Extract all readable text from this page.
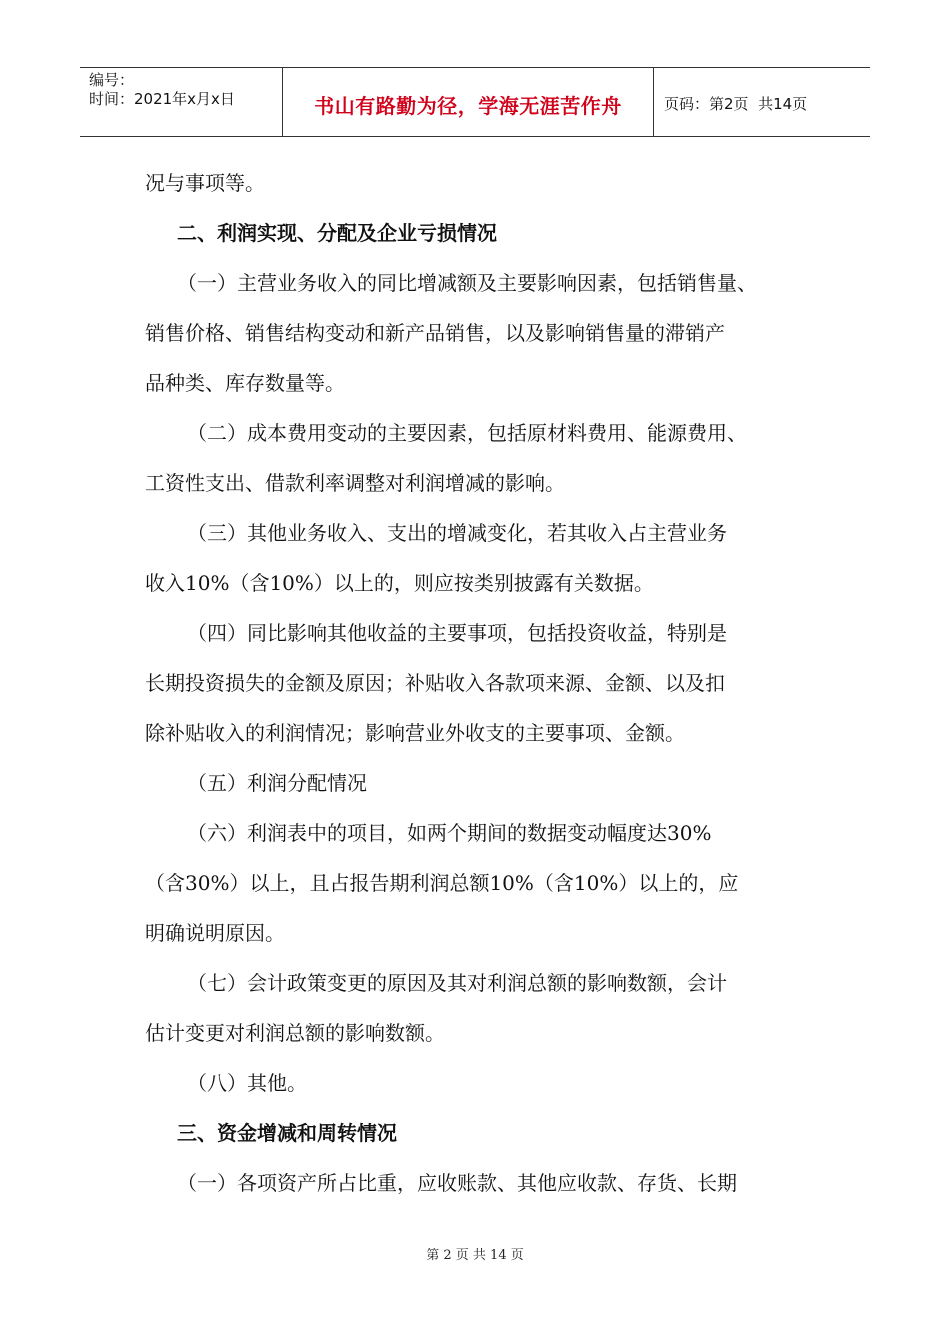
编号：
时间：2021年x月x日	书山有路勤为径，学海无涯苦作舟	页码：第2页  共14页

况与事项等。

二、利润实现、分配及企业亏损情况

（一）主营业务收入的同比增减额及主要影响因素，包括销售量、

销售价格、销售结构变动和新产品销售，以及影响销售量的滞销产

品种类、库存数量等。

（二）成本费用变动的主要因素，包括原材料费用、能源费用、

工资性支出、借款利率调整对利润增减的影响。

（三）其他业务收入、支出的增减变化，若其收入占主营业务

收入10%（含10%）以上的，则应按类别披露有关数据。

（四）同比影响其他收益的主要事项，包括投资收益，特别是

长期投资损失的金额及原因；补贴收入各款项来源、金额、以及扣

除补贴收入的利润情况；影响营业外收支的主要事项、金额。

（五）利润分配情况

（六）利润表中的项目，如两个期间的数据变动幅度达30%

（含30%）以上，且占报告期利润总额10%（含10%）以上的，应

明确说明原因。

（七）会计政策变更的原因及其对利润总额的影响数额，会计

估计变更对利润总额的影响数额。

（八）其他。

三、资金增减和周转情况

（一）各项资产所占比重，应收账款、其他应收款、存货、长期

第 2 页 共 14 页
